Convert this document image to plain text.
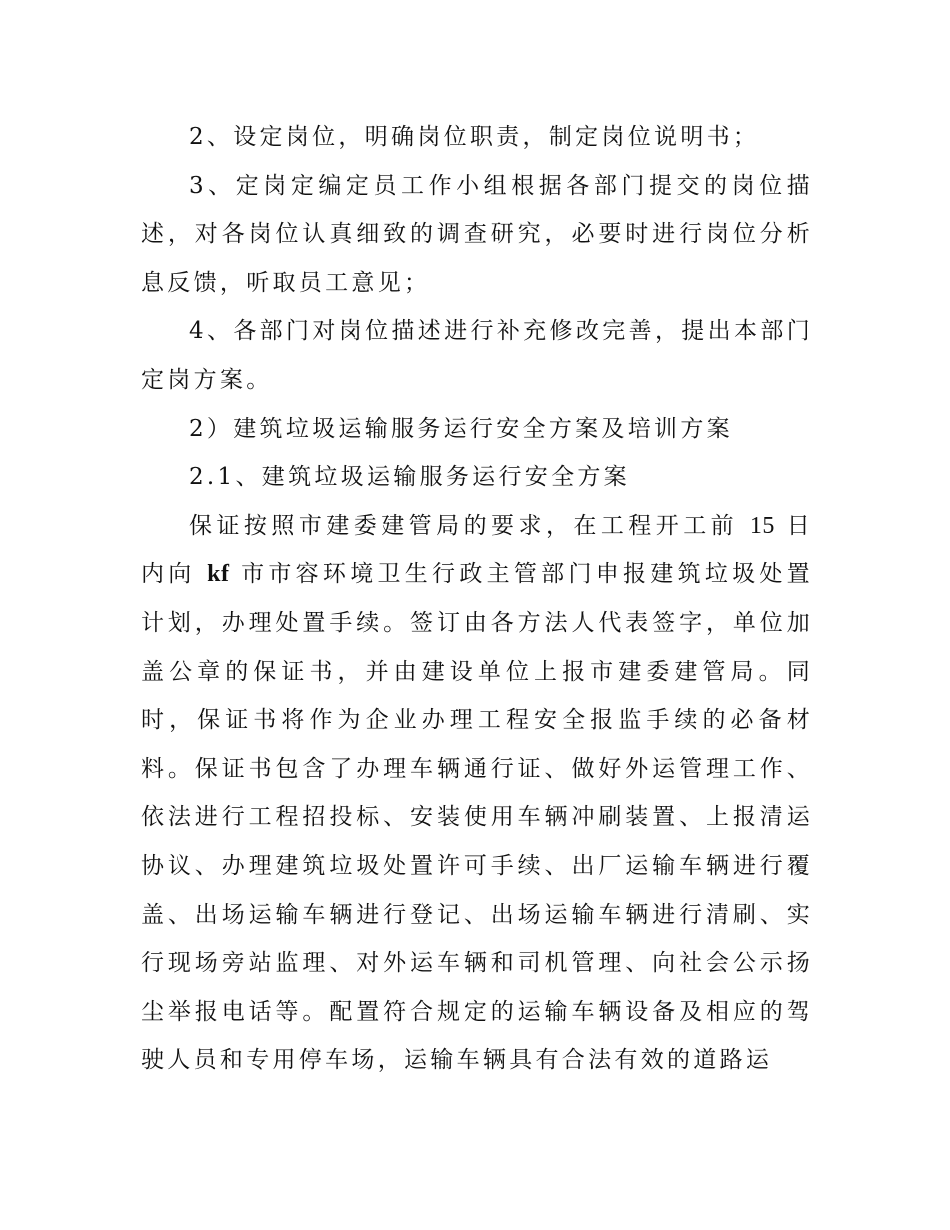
2、设定岗位，明确岗位职责，制定岗位说明书；

3、定岗定编定员工作小组根据各部门提交的岗位描述，对各岗位认真细致的调查研究，必要时进行岗位分析息反馈，听取员工意见；

4、各部门对岗位描述进行补充修改完善，提出本部门定岗方案。

2）建筑垃圾运输服务运行安全方案及培训方案

2.1、建筑垃圾运输服务运行安全方案

保证按照市建委建管局的要求，在工程开工前 15 日内向 kf 市市容环境卫生行政主管部门申报建筑垃圾处置计划，办理处置手续。签订由各方法人代表签字，单位加盖公章的保证书，并由建设单位上报市建委建管局。同时，保证书将作为企业办理工程安全报监手续的必备材料。保证书包含了办理车辆通行证、做好外运管理工作、依法进行工程招投标、安装使用车辆冲刷装置、上报清运协议、办理建筑垃圾处置许可手续、出厂运输车辆进行覆盖、出场运输车辆进行登记、出场运输车辆进行清刷、实行现场旁站监理、对外运车辆和司机管理、向社会公示扬尘举报电话等。配置符合规定的运输车辆设备及相应的驾驶人员和专用停车场，运输车辆具有合法有效的道路运
